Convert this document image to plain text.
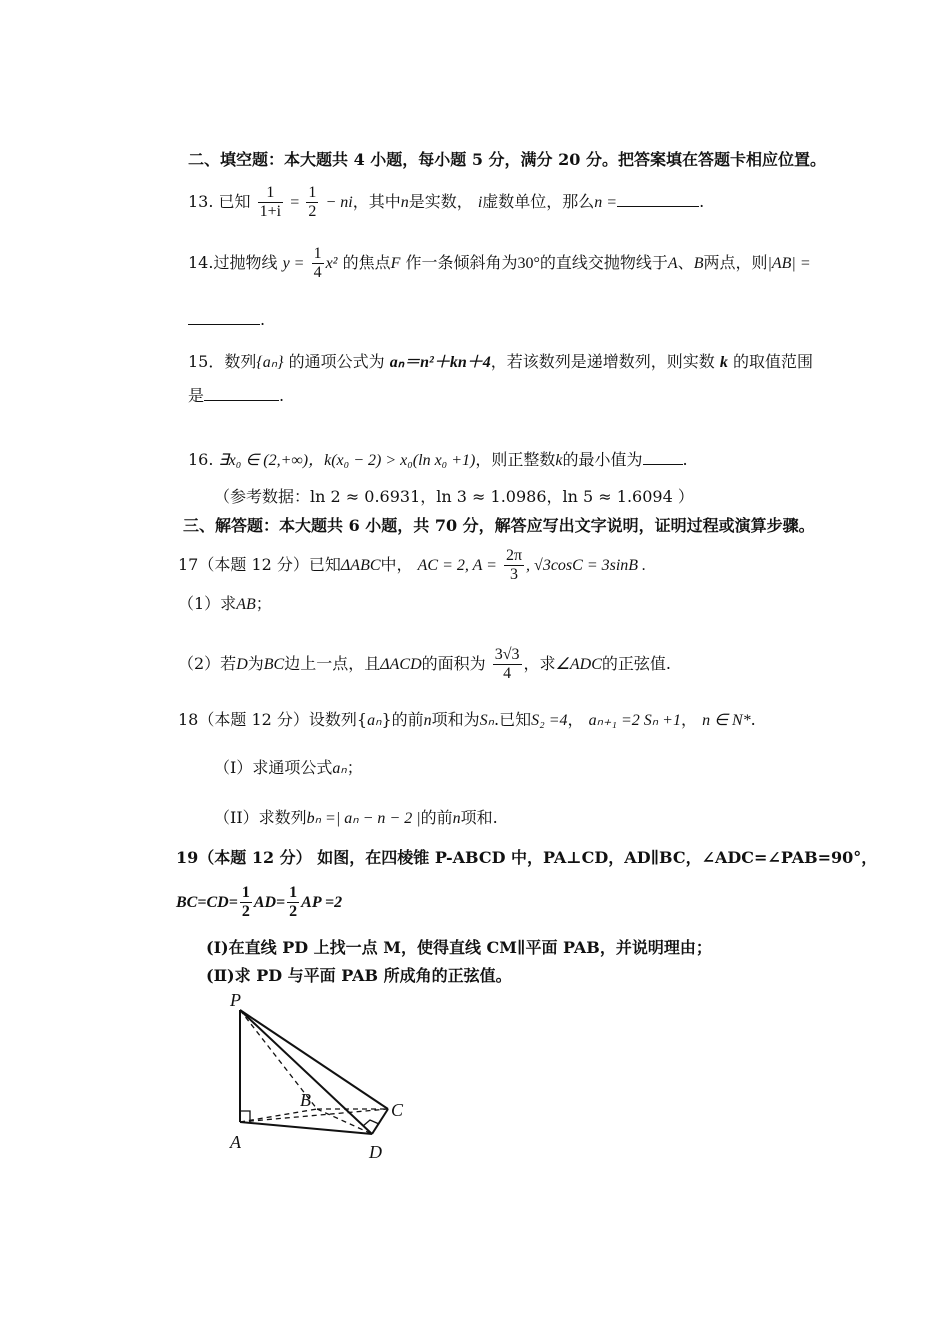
二、填空题：本大题共 4 小题，每小题 5 分，满分 20 分。把答案填在答题卡相应位置。
13. 已知 $\frac{1}{1+i} = \frac{1}{2}$ − ni，其中n是实数， i虚数单位，那么n =	.
14.过抛物线 $y = \frac{1}{4} x^2$ 的焦点F 作一条倾斜角为30°的直线交抛物线于A、B两点，则|AB| =
.
15．数列{aₙ} 的通项公式为 aₙ＝n²＋kn＋4，若该数列是递增数列，则实数 k 的取值范围
是	.
16. ∃x₀ ∈ (2,+∞)，k(x₀ − 2) > x₀(ln x₀ +1)，则正整数k的最小值为	.
（参考数据：ln 2 ≈ 0.6931，ln 3 ≈ 1.0986，ln 5 ≈ 1.6094 ）
三、解答题：本大题共 6 小题，共 70 分，解答应写出文字说明，证明过程或演算步骤。
17（本题 12 分）已知ΔABC中， AC = 2, $A = \frac{2\pi}{3}$ , √3cosC = 3sinB .
（1）求AB；
（2）若D为BC边上一点，且ΔACD的面积为 $\frac{3√3}{4}$ ，求∠ADC的正弦值.
18（本题 12 分）设数列{aₙ}的前n项和为Sₙ.已知S₂ =4， aₙ₊₁ =2 Sₙ +1， n ∈ N*.
（I）求通项公式aₙ；
（II）求数列bₙ =| aₙ − n − 2 |的前n项和.
19（本题 12 分） 如图，在四棱锥 P-ABCD 中，PA⊥CD，AD∥BC，∠ADC=∠PAB=90°，
$BC=CD= \frac{1}{2} AD= \frac{1}{2}$ AP =2
(Ⅰ)在直线 PD 上找一点 M，使得直线 CM∥平面 PAB，并说明理由；
(Ⅱ)求 PD 与平面 PAB 所成角的正弦值。
P
A
B	C
D
